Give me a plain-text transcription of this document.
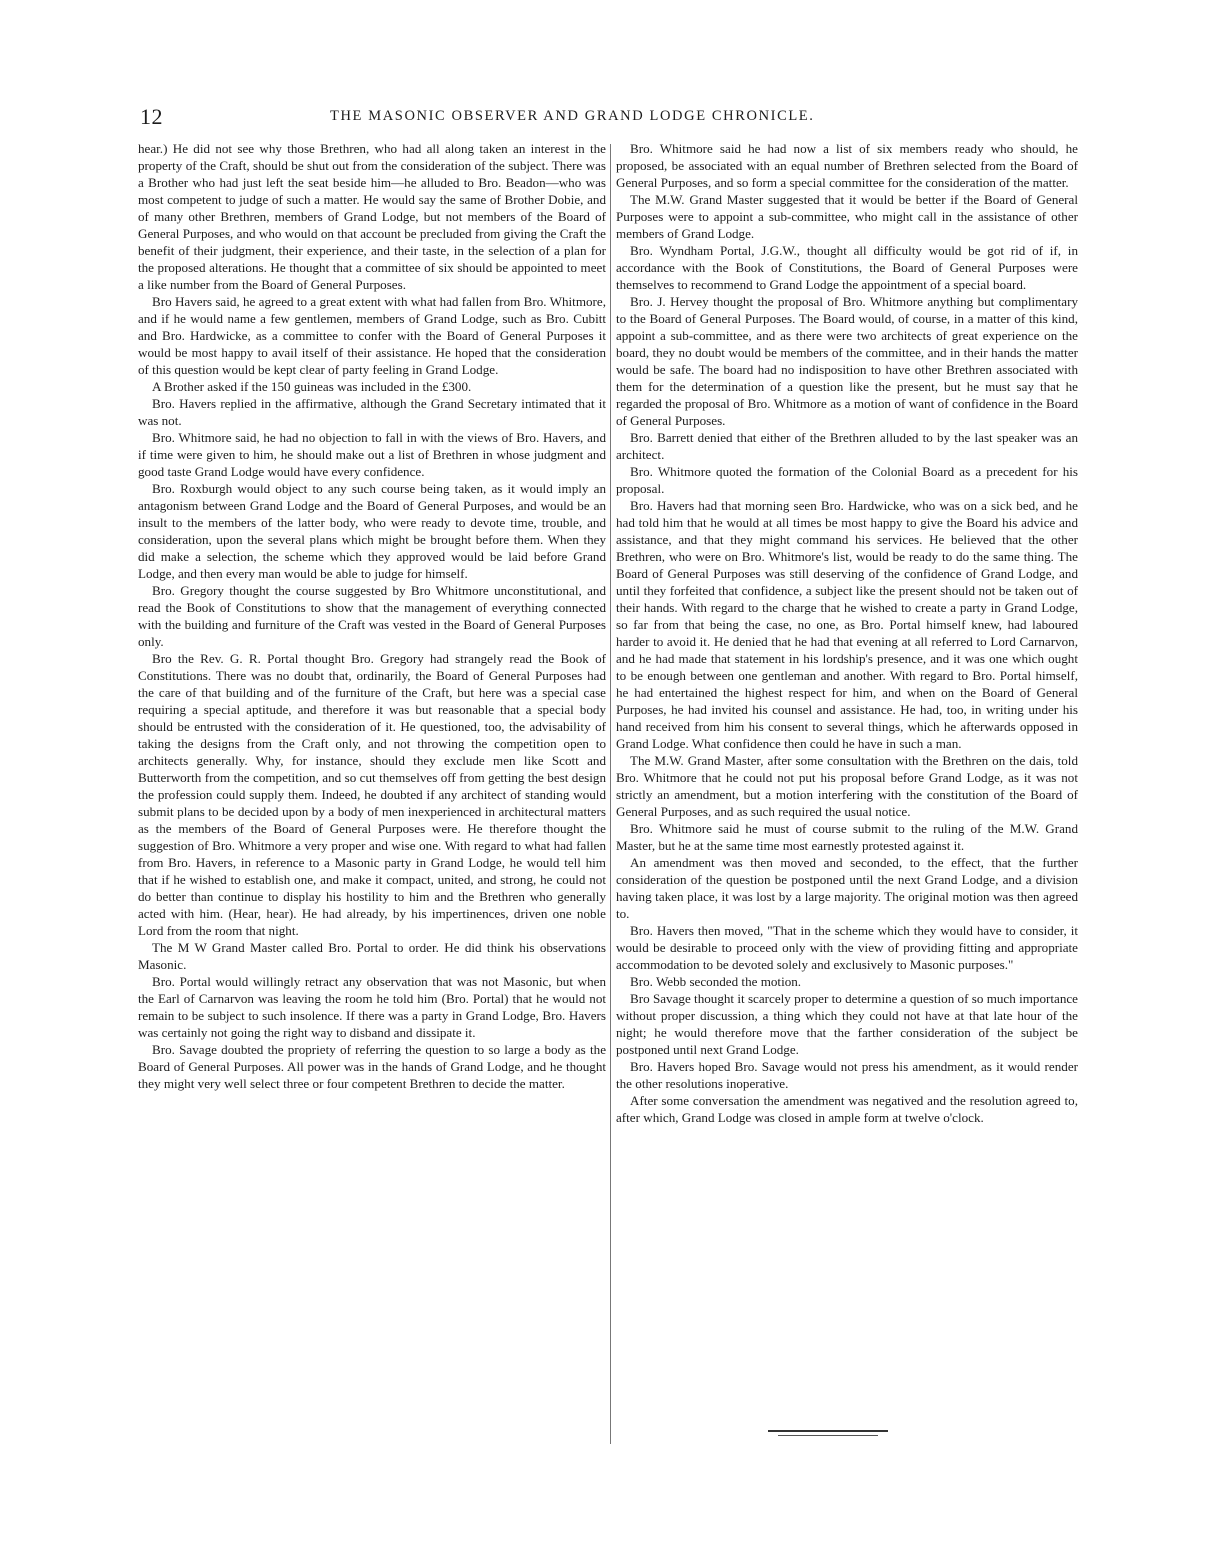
12	THE MASONIC OBSERVER AND GRAND LODGE CHRONICLE.

hear.) He did not see why those Brethren, who had all along taken an interest in the property of the Craft, should be shut out from the consideration of the subject. There was a Brother who had just left the seat beside him—he alluded to Bro. Beadon—who was most competent to judge of such a matter. He would say the same of Brother Dobie, and of many other Brethren, members of Grand Lodge, but not members of the Board of General Purposes, and who would on that account be precluded from giving the Craft the benefit of their judgment, their experience, and their taste, in the selection of a plan for the proposed alterations. He thought that a committee of six should be appointed to meet a like number from the Board of General Purposes.

Bro Havers said, he agreed to a great extent with what had fallen from Bro. Whitmore, and if he would name a few gentlemen, members of Grand Lodge, such as Bro. Cubitt and Bro. Hardwicke, as a committee to confer with the Board of General Purposes it would be most happy to avail itself of their assistance. He hoped that the consideration of this question would be kept clear of party feeling in Grand Lodge.

A Brother asked if the 150 guineas was included in the £300.

Bro. Havers replied in the affirmative, although the Grand Secretary intimated that it was not.

Bro. Whitmore said, he had no objection to fall in with the views of Bro. Havers, and if time were given to him, he should make out a list of Brethren in whose judgment and good taste Grand Lodge would have every confidence.

Bro. Roxburgh would object to any such course being taken, as it would imply an antagonism between Grand Lodge and the Board of General Purposes, and would be an insult to the members of the latter body, who were ready to devote time, trouble, and consideration, upon the several plans which might be brought before them. When they did make a selection, the scheme which they approved would be laid before Grand Lodge, and then every man would be able to judge for himself.

Bro. Gregory thought the course suggested by Bro Whitmore unconstitutional, and read the Book of Constitutions to show that the management of everything connected with the building and furniture of the Craft was vested in the Board of General Purposes only.

Bro the Rev. G. R. Portal thought Bro. Gregory had strangely read the Book of Constitutions. There was no doubt that, ordinarily, the Board of General Purposes had the care of that building and of the furniture of the Craft, but here was a special case requiring a special aptitude, and therefore it was but reasonable that a special body should be entrusted with the consideration of it. He questioned, too, the advisability of taking the designs from the Craft only, and not throwing the competition open to architects generally. Why, for instance, should they exclude men like Scott and Butterworth from the competition, and so cut themselves off from getting the best design the profession could supply them. Indeed, he doubted if any architect of standing would submit plans to be decided upon by a body of men inexperienced in architectural matters as the members of the Board of General Purposes were. He therefore thought the suggestion of Bro. Whitmore a very proper and wise one. With regard to what had fallen from Bro. Havers, in reference to a Masonic party in Grand Lodge, he would tell him that if he wished to establish one, and make it compact, united, and strong, he could not do better than continue to display his hostility to him and the Brethren who generally acted with him. (Hear, hear). He had already, by his impertinences, driven one noble Lord from the room that night.

The M W Grand Master called Bro. Portal to order. He did think his observations Masonic.

Bro. Portal would willingly retract any observation that was not Masonic, but when the Earl of Carnarvon was leaving the room he told him (Bro. Portal) that he would not remain to be subject to such insolence. If there was a party in Grand Lodge, Bro. Havers was certainly not going the right way to disband and dissipate it.

Bro. Savage doubted the propriety of referring the question to so large a body as the Board of General Purposes. All power was in the hands of Grand Lodge, and he thought they might very well select three or four competent Brethren to decide the matter.

Bro. Whitmore said he had now a list of six members ready who should, he proposed, be associated with an equal number of Brethren selected from the Board of General Purposes, and so form a special committee for the consideration of the matter.

The M.W. Grand Master suggested that it would be better if the Board of General Purposes were to appoint a sub-committee, who might call in the assistance of other members of Grand Lodge.

Bro. Wyndham Portal, J.G.W., thought all difficulty would be got rid of if, in accordance with the Book of Constitutions, the Board of General Purposes were themselves to recommend to Grand Lodge the appointment of a special board.

Bro. J. Hervey thought the proposal of Bro. Whitmore anything but complimentary to the Board of General Purposes. The Board would, of course, in a matter of this kind, appoint a sub-committee, and as there were two architects of great experience on the board, they no doubt would be members of the committee, and in their hands the matter would be safe. The board had no indisposition to have other Brethren associated with them for the determination of a question like the present, but he must say that he regarded the proposal of Bro. Whitmore as a motion of want of confidence in the Board of General Purposes.

Bro. Barrett denied that either of the Brethren alluded to by the last speaker was an architect.

Bro. Whitmore quoted the formation of the Colonial Board as a precedent for his proposal.

Bro. Havers had that morning seen Bro. Hardwicke, who was on a sick bed, and he had told him that he would at all times be most happy to give the Board his advice and assistance, and that they might command his services. He believed that the other Brethren, who were on Bro. Whitmore's list, would be ready to do the same thing. The Board of General Purposes was still deserving of the confidence of Grand Lodge, and until they forfeited that confidence, a subject like the present should not be taken out of their hands. With regard to the charge that he wished to create a party in Grand Lodge, so far from that being the case, no one, as Bro. Portal himself knew, had laboured harder to avoid it. He denied that he had that evening at all referred to Lord Carnarvon, and he had made that statement in his lordship's presence, and it was one which ought to be enough between one gentleman and another. With regard to Bro. Portal himself, he had entertained the highest respect for him, and when on the Board of General Purposes, he had invited his counsel and assistance. He had, too, in writing under his hand received from him his consent to several things, which he afterwards opposed in Grand Lodge. What confidence then could he have in such a man.

The M.W. Grand Master, after some consultation with the Brethren on the dais, told Bro. Whitmore that he could not put his proposal before Grand Lodge, as it was not strictly an amendment, but a motion interfering with the constitution of the Board of General Purposes, and as such required the usual notice.

Bro. Whitmore said he must of course submit to the ruling of the M.W. Grand Master, but he at the same time most earnestly protested against it.

An amendment was then moved and seconded, to the effect, that the further consideration of the question be postponed until the next Grand Lodge, and a division having taken place, it was lost by a large majority. The original motion was then agreed to.

Bro. Havers then moved, "That in the scheme which they would have to consider, it would be desirable to proceed only with the view of providing fitting and appropriate accommodation to be devoted solely and exclusively to Masonic purposes."

Bro. Webb seconded the motion.

Bro Savage thought it scarcely proper to determine a question of so much importance without proper discussion, a thing which they could not have at that late hour of the night; he would therefore move that the farther consideration of the subject be postponed until next Grand Lodge.

Bro. Havers hoped Bro. Savage would not press his amendment, as it would render the other resolutions inoperative.

After some conversation the amendment was negatived and the resolution agreed to, after which, Grand Lodge was closed in ample form at twelve o'clock.
